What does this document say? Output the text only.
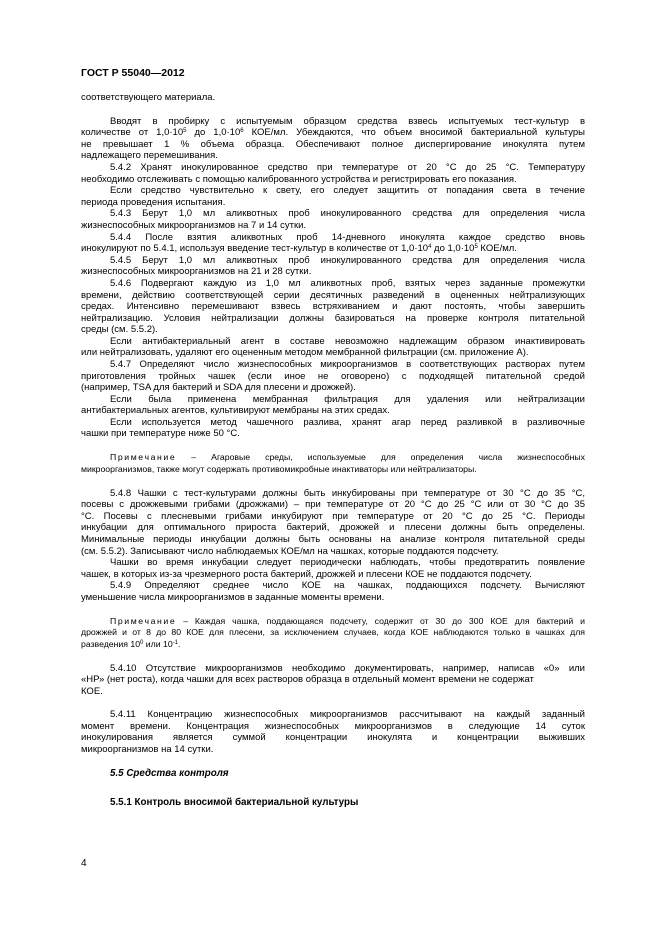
ГОСТ Р 55040—2012
соответствующего материала.
Вводят в пробирку с испытуемым образцом средства взвесь испытуемых тест-культур в
количестве от $1,0\cdot 10^5$ до $1,0\cdot 10^6$ КОЕ/мл. Убеждаются, что объем вносимой бактериальной культуры
не превышает 1 % объема образца. Обеспечивают полное диспергирование инокулята путем
надлежащего перемешивания.
5.4.2 Хранят инокулированное средство при температуре от 20 °С до 25 °С. Температуру
необходимо отслеживать с помощью калиброванного устройства и регистрировать его показания.
Если средство чувствительно к свету, его следует защитить от попадания света в течение
периода проведения испытания.
5.4.3 Берут 1,0 мл аликвотных проб инокулированного средства для определения числа
жизнеспособных микроорганизмов на 7 и 14 сутки.
5.4.4 После взятия аликвотных проб 14-дневного инокулята каждое средство вновь
инокулируют по 5.4.1, используя введение тест-культур в количестве от $1,0\cdot 10^4$ до $1,0\cdot 10^5$ КОЕ/мл.
5.4.5 Берут 1,0 мл аликвотных проб инокулированного средства для определения числа
жизнеспособных микроорганизмов на 21 и 28 сутки.
5.4.6 Подвергают каждую из 1,0 мл аликвотных проб, взятых через заданные промежутки
времени, действию соответствующей серии десятичных разведений в оцененных нейтрализующих
средах. Интенсивно перемешивают взвесь встряхиванием и дают постоять, чтобы завершить
нейтрализацию. Условия нейтрализации должны базироваться на проверке контроля питательной
среды (см. 5.5.2).
Если антибактериальный агент в составе невозможно надлежащим образом инактивировать
или нейтрализовать, удаляют его оцененным методом мембранной фильтрации (см. приложение А).
5.4.7 Определяют число жизнеспособных микроорганизмов в соответствующих растворах путем
приготовления тройных чашек (если иное не оговорено) с подходящей питательной средой
(например, TSA для бактерий и SDA для плесени и дрожжей).
Если была применена мембранная фильтрация для удаления или нейтрализации
антибактериальных агентов, культивируют мембраны на этих средах.
Если используется метод чашечного разлива, хранят агар перед разливкой в разливочные
чашки при температуре ниже 50 °С.
Примечание – Агаровые среды, используемые для определения числа жизнеспособных
микроорганизмов, также могут содержать противомикробные инактиваторы или нейтрализаторы.
5.4.8 Чашки с тест-культурами должны быть инкубированы при температуре от 30 °С до 35 °С,
посевы с дрожжевыми грибами (дрожжами) – при температуре от 20 °С до 25 °С или от 30 °С до 35
°С. Посевы с плесневыми грибами инкубируют при температуре от 20 °С до 25 °С. Периоды
инкубации для оптимального прироста бактерий, дрожжей и плесени должны быть определены.
Минимальные периоды инкубации должны быть основаны на анализе контроля питательной среды
(см. 5.5.2). Записывают число наблюдаемых КОЕ/мл на чашках, которые поддаются подсчету.
Чашки во время инкубации следует периодически наблюдать, чтобы предотвратить появление
чашек, в которых из-за чрезмерного роста бактерий, дрожжей и плесени КОЕ не поддаются подсчету.
5.4.9 Определяют среднее число КОЕ на чашках, поддающихся подсчету. Вычисляют
уменьшение числа микроорганизмов в заданные моменты времени.
Примечание – Каждая чашка, поддающаяся подсчету, содержит от 30 до 300 КОЕ для бактерий и
дрожжей и от 8 до 80 КОЕ для плесени, за исключением случаев, когда КОЕ наблюдаются только в чашках для
разведения $10^0$ или $10^{-1}$.
5.4.10 Отсутствие микроорганизмов необходимо документировать, например, написав «0» или
«НР» (нет роста), когда чашки для всех растворов образца в отдельный момент времени не содержат
КОЕ.
5.4.11 Концентрацию жизнеспособных микроорганизмов рассчитывают на каждый заданный
момент времени. Концентрация жизнеспособных микроорганизмов в следующие 14 суток
инокулирования является суммой концентрации инокулята и концентрации выживших
микроорганизмов на 14 сутки.
5.5 Средства контроля
5.5.1 Контроль вносимой бактериальной культуры
4
